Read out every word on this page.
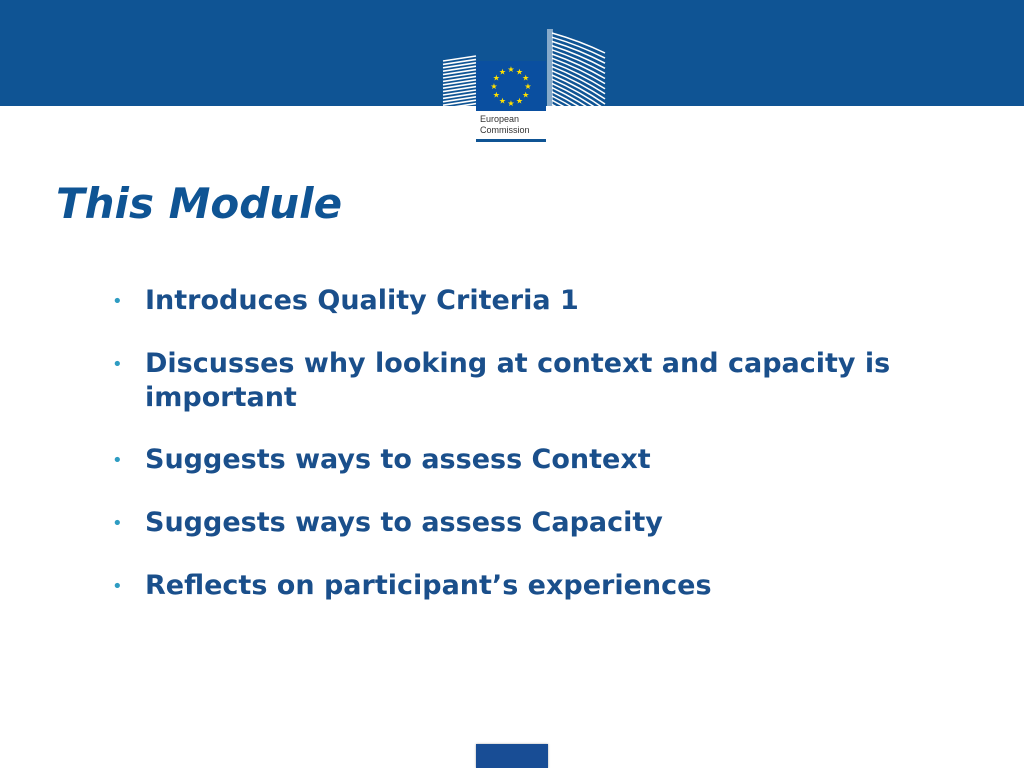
★ ★
★
★
★
★
★
★
★
★
★
★
European
Commission
This Module
• Introduces Quality Criteria 1
• Discusses why looking at context and capacity is important
• Suggests ways to assess Context
• Suggests ways to assess Capacity
• Reflects on participant’s experiences
